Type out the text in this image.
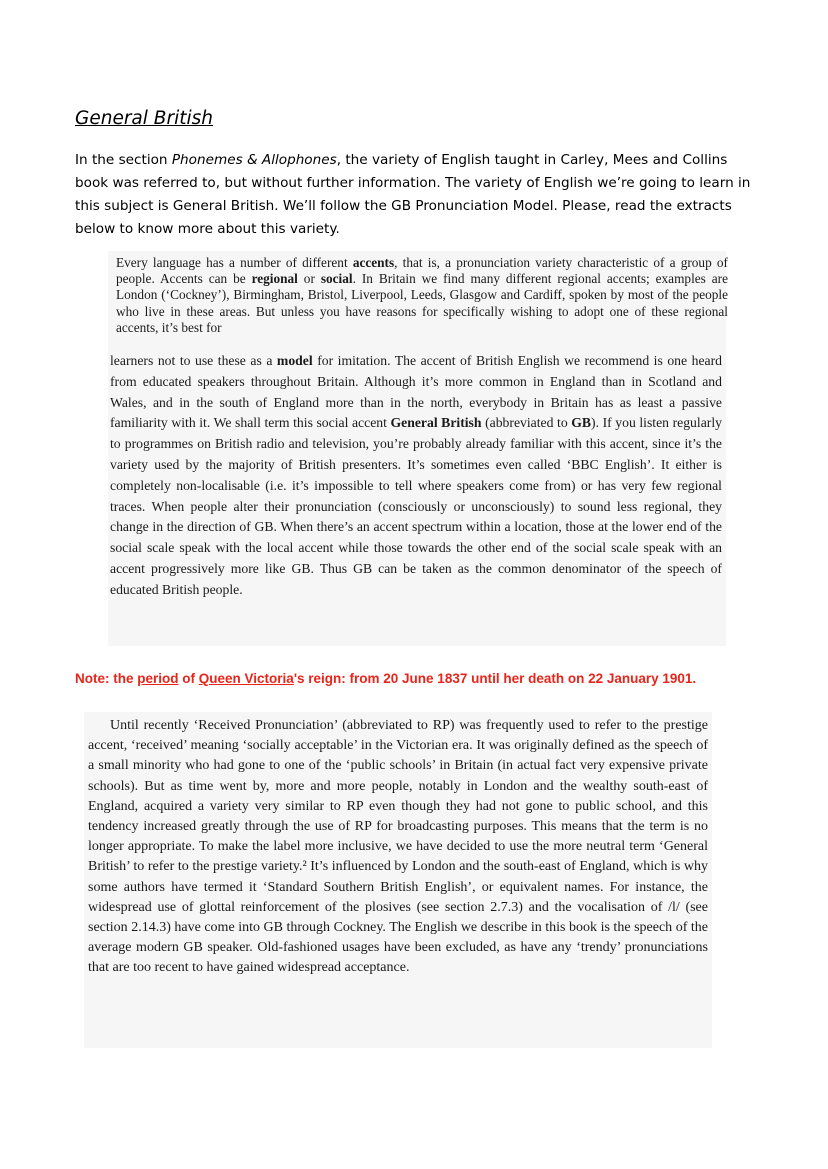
General British

In the section Phonemes & Allophones, the variety of English taught in Carley, Mees and Collins book was referred to, but without further information. The variety of English we’re going to learn in this subject is General British. We’ll follow the GB Pronunciation Model. Please, read the extracts below to know more about this variety.

Every language has a number of different accents, that is, a pronunciation variety characteristic of a group of people. Accents can be regional or social. In Britain we find many different regional accents; examples are London (‘Cockney’), Birmingham, Bristol, Liverpool, Leeds, Glasgow and Cardiff, spoken by most of the people who live in these areas. But unless you have reasons for specifically wishing to adopt one of these regional accents, it’s best for

learners not to use these as a model for imitation. The accent of British English we recommend is one heard from educated speakers throughout Britain. Although it’s more common in England than in Scotland and Wales, and in the south of England more than in the north, everybody in Britain has as least a passive familiarity with it. We shall term this social accent General British (abbreviated to GB). If you listen regularly to programmes on British radio and television, you’re probably already familiar with this accent, since it’s the variety used by the majority of British presenters. It’s sometimes even called ‘BBC English’. It either is completely non-localisable (i.e. it’s impossible to tell where speakers come from) or has very few regional traces. When people alter their pronunciation (consciously or unconsciously) to sound less regional, they change in the direction of GB. When there’s an accent spectrum within a location, those at the lower end of the social scale speak with the local accent while those towards the other end of the social scale speak with an accent progressively more like GB. Thus GB can be taken as the common denominator of the speech of educated British people.

Note: the period of Queen Victoria's reign: from 20 June 1837 until her death on 22 January 1901.

Until recently ‘Received Pronunciation’ (abbreviated to RP) was frequently used to refer to the prestige accent, ‘received’ meaning ‘socially acceptable’ in the Victorian era. It was originally defined as the speech of a small minority who had gone to one of the ‘public schools’ in Britain (in actual fact very expensive private schools). But as time went by, more and more people, notably in London and the wealthy south-east of England, acquired a variety very similar to RP even though they had not gone to public school, and this tendency increased greatly through the use of RP for broadcasting purposes. This means that the term is no longer appropriate. To make the label more inclusive, we have decided to use the more neutral term ‘General British’ to refer to the prestige variety.² It’s influenced by London and the south-east of England, which is why some authors have termed it ‘Standard Southern British English’, or equivalent names. For instance, the widespread use of glottal reinforcement of the plosives (see section 2.7.3) and the vocalisation of /l/ (see section 2.14.3) have come into GB through Cockney. The English we describe in this book is the speech of the average modern GB speaker. Old-fashioned usages have been excluded, as have any ‘trendy’ pronunciations that are too recent to have gained widespread acceptance.
